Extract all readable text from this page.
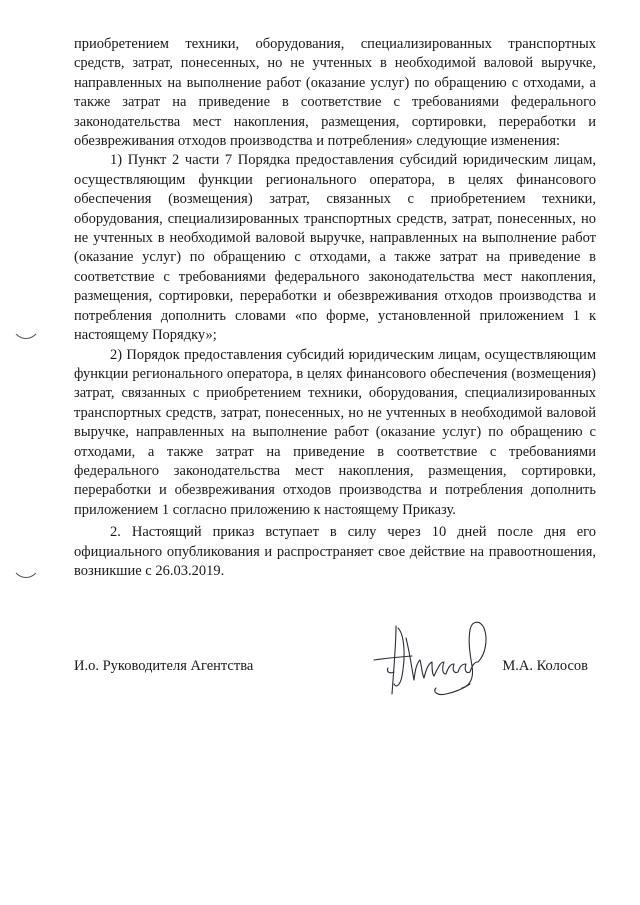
приобретением техники, оборудования, специализированных транспортных средств, затрат, понесенных, но не учтенных в необходимой валовой выручке, направленных на выполнение работ (оказание услуг) по обращению с отходами, а также затрат на приведение в соответствие с требованиями федерального законодательства мест накопления, размещения, сортировки, переработки и обезвреживания отходов производства и потребления» следующие изменения:

1) Пункт 2 части 7 Порядка предоставления субсидий юридическим лицам, осуществляющим функции регионального оператора, в целях финансового обеспечения (возмещения) затрат, связанных с приобретением техники, оборудования, специализированных транспортных средств, затрат, понесенных, но не учтенных в необходимой валовой выручке, направленных на выполнение работ (оказание услуг) по обращению с отходами, а также затрат на приведение в соответствие с требованиями федерального законодательства мест накопления, размещения, сортировки, переработки и обезвреживания отходов производства и потребления дополнить словами «по форме, установленной приложением 1 к настоящему Порядку»;

2) Порядок предоставления субсидий юридическим лицам, осуществляющим функции регионального оператора, в целях финансового обеспечения (возмещения) затрат, связанных с приобретением техники, оборудования, специализированных транспортных средств, затрат, понесенных, но не учтенных в необходимой валовой выручке, направленных на выполнение работ (оказание услуг) по обращению с отходами, а также затрат на приведение в соответствие с требованиями федерального законодательства мест накопления, размещения, сортировки, переработки и обезвреживания отходов производства и потребления дополнить приложением 1 согласно приложению к настоящему Приказу.

2. Настоящий приказ вступает в силу через 10 дней после дня его официального опубликования и распространяет свое действие на правоотношения, возникшие с 26.03.2019.

И.о. Руководителя Агентства	М.А. Колосов
